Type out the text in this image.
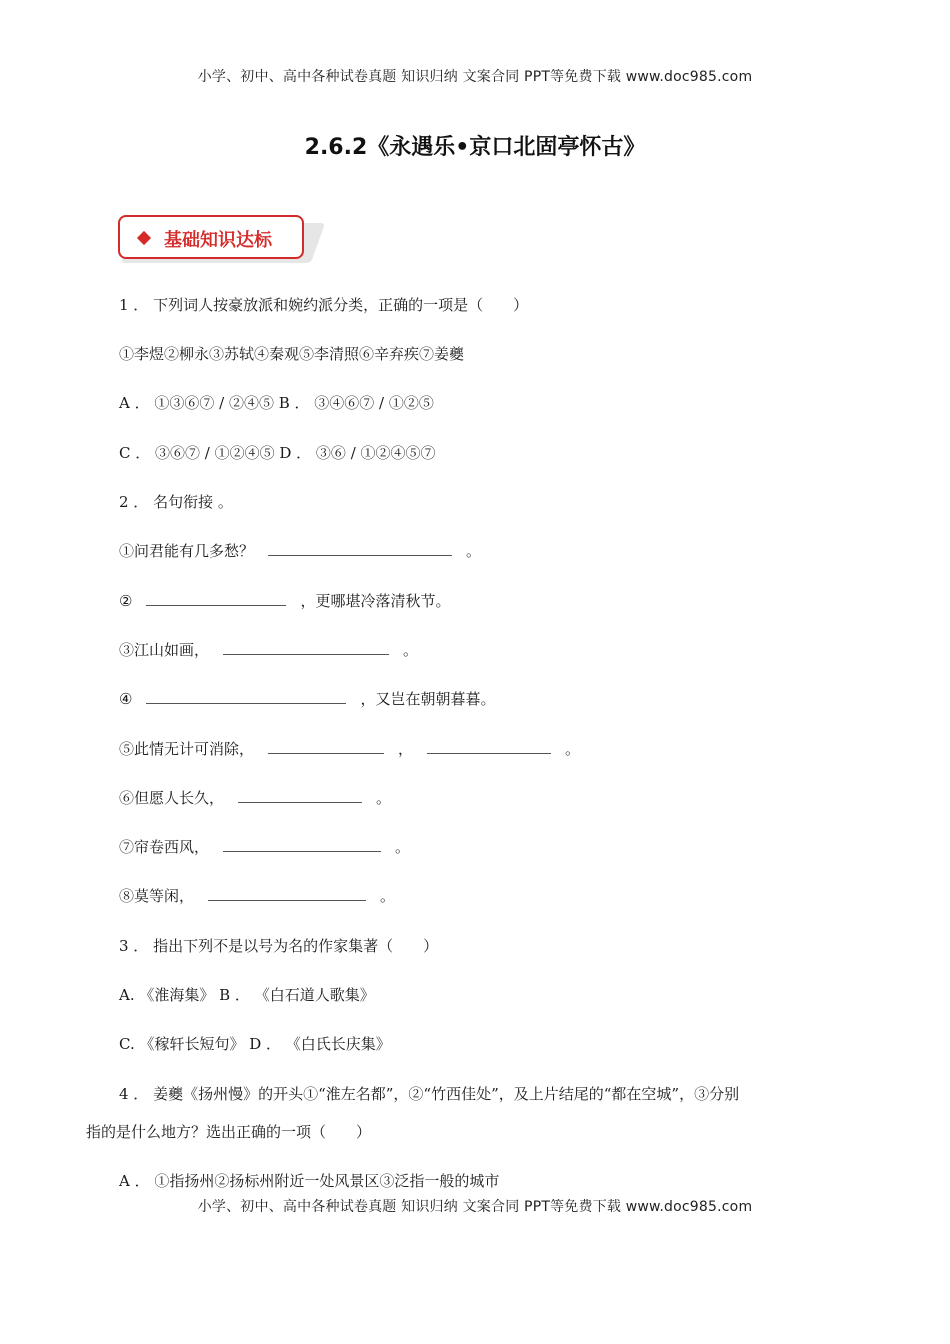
小学、初中、高中各种试卷真题 知识归纳 文案合同 PPT等免费下载 www.doc985.com
2.6.2《永遇乐•京口北固亭怀古》
基础知识达标
1 ． 下列词人按豪放派和婉约派分类，正确的一项是（　　）
①李煜②柳永③苏轼④秦观⑤李清照⑥辛弃疾⑦姜夔
A ． ①③⑥⑦ / ②④⑤ B ． ③④⑥⑦ / ①②⑤
C ． ③⑥⑦ / ①②④⑤ D ． ③⑥ / ①②④⑤⑦
2 ． 名句衔接 。
①问君能有几多愁？	。
②	，更哪堪冷落清秋节。
③江山如画，	。
④	，又岂在朝朝暮暮。
⑤此情无计可消除，	，	。
⑥但愿人长久，	。
⑦帘卷西风，	。
⑧莫等闲，	。
3 ． 指出下列不是以号为名的作家集著（　　）
A. 《淮海集》 B ． 《白石道人歌集》
C. 《稼轩长短句》 D ． 《白氏长庆集》
4 ． 姜夔《扬州慢》的开头①“淮左名都”，②“竹西佳处”，及上片结尾的“都在空城”，③分别
指的是什么地方？选出正确的一项（　　）
A ． ①指扬州②扬标州附近一处风景区③泛指一般的城市
小学、初中、高中各种试卷真题 知识归纳 文案合同 PPT等免费下载 www.doc985.com
